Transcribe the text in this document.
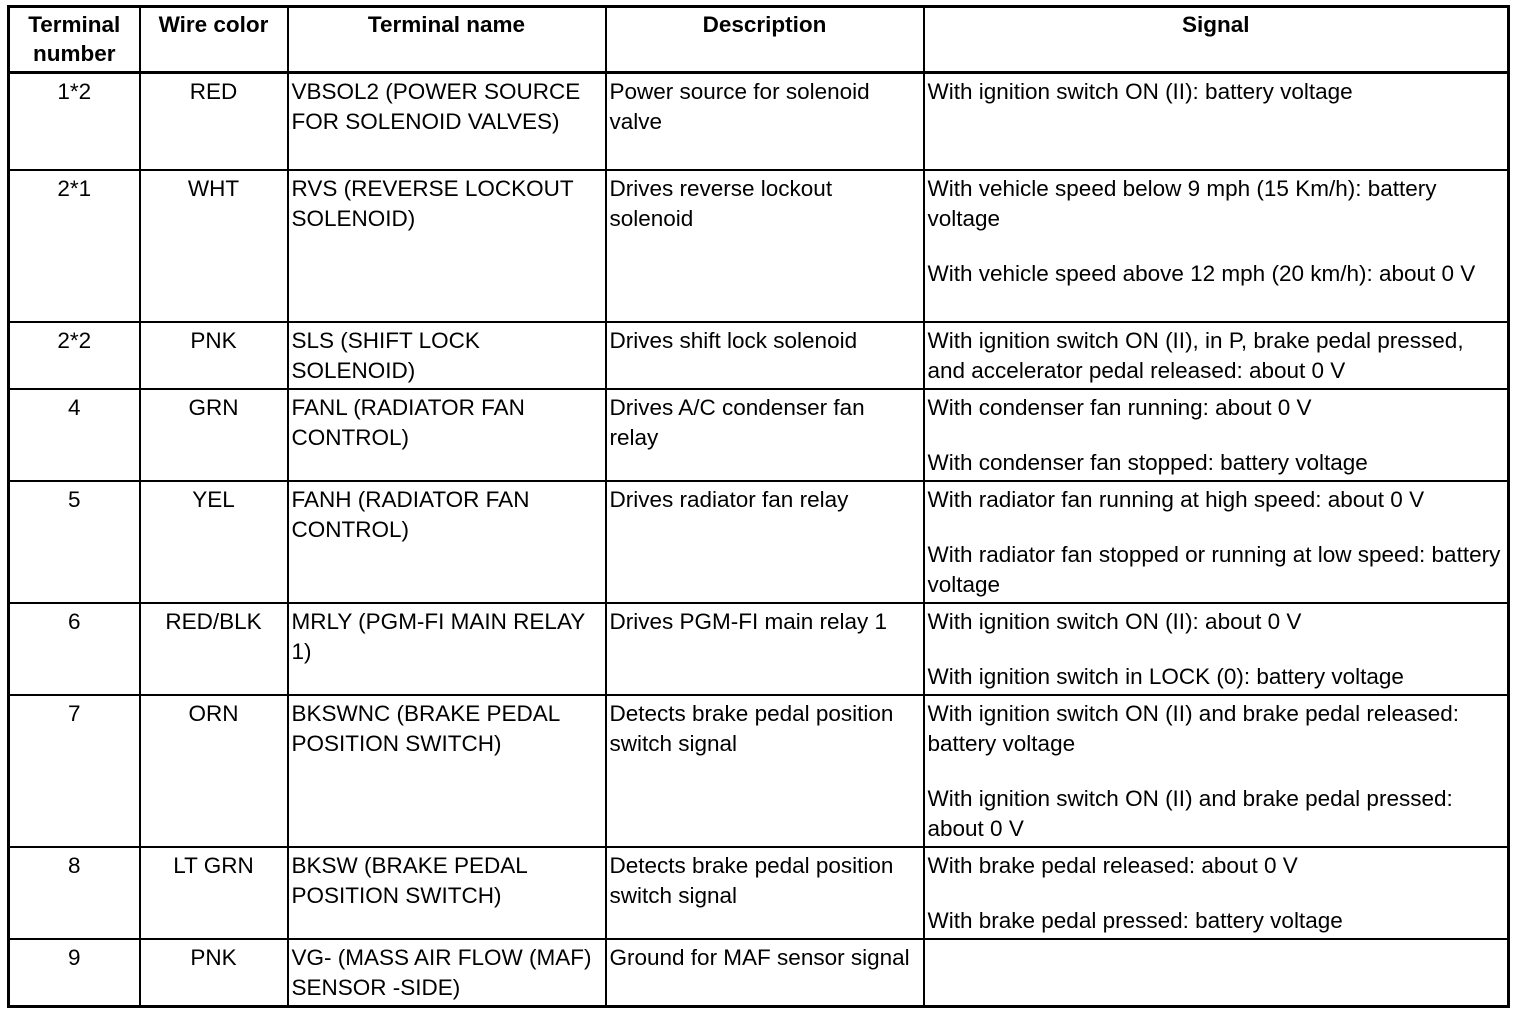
Terminal number	Wire color	Terminal name	Description	Signal
1*2	RED	VBSOL2 (POWER SOURCE FOR SOLENOID VALVES)	Power source for solenoid valve	With ignition switch ON (II): battery voltage

2*1	WHT	RVS (REVERSE LOCKOUT SOLENOID)	Drives reverse lockout solenoid	With vehicle speed below 9 mph (15 Km/h): battery voltage
With vehicle speed above 12 mph (20 km/h): about 0 V

2*2	PNK	SLS (SHIFT LOCK SOLENOID)	Drives shift lock solenoid	With ignition switch ON (II), in P, brake pedal pressed, and accelerator pedal released: about 0 V

4	GRN	FANL (RADIATOR FAN CONTROL)	Drives A/C condenser fan relay	With condenser fan running: about 0 V
With condenser fan stopped: battery voltage

5	YEL	FANH (RADIATOR FAN CONTROL)	Drives radiator fan relay	With radiator fan running at high speed: about 0 V
With radiator fan stopped or running at low speed: battery voltage

6	RED/BLK	MRLY (PGM-FI MAIN RELAY 1)	Drives PGM-FI main relay 1	With ignition switch ON (II): about 0 V
With ignition switch in LOCK (0): battery voltage

7	ORN	BKSWNC (BRAKE PEDAL POSITION SWITCH)	Detects brake pedal position switch signal	With ignition switch ON (II) and brake pedal released: battery voltage
With ignition switch ON (II) and brake pedal pressed: about 0 V

8	LT GRN	BKSW (BRAKE PEDAL POSITION SWITCH)	Detects brake pedal position switch signal	With brake pedal released: about 0 V
With brake pedal pressed: battery voltage

9	PNK	VG- (MASS AIR FLOW (MAF) SENSOR -SIDE)	Ground for MAF sensor signal	
